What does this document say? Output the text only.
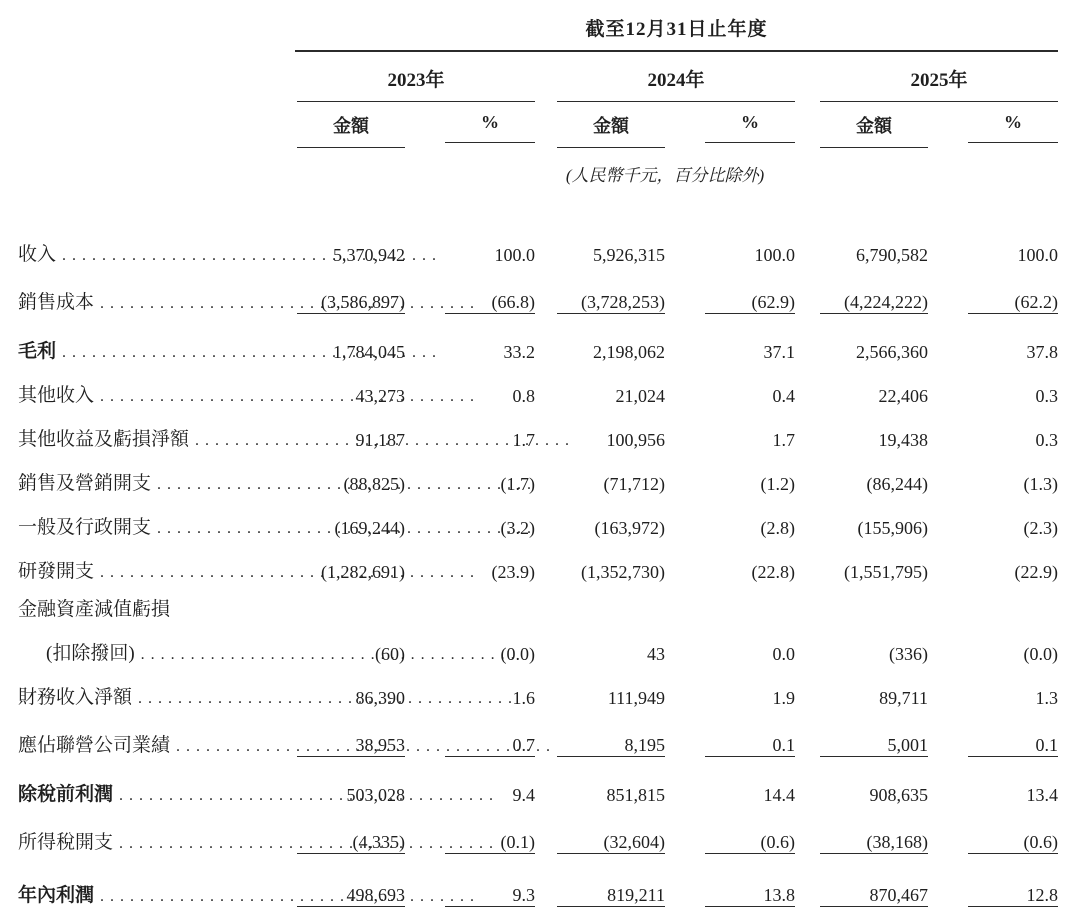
截至12月31日止年度
2023年	2024年	2025年
金額	%	金額	%	金額	%
(人民幣千元，百分比除外)
收入 . . .	5,370,942	100.0	5,926,315	100.0	6,790,582	100.0
銷售成本 . . .	(3,586,897)	(66.8)	(3,728,253)	(62.9)	(4,224,222)	(62.2)
毛利 . . .	1,784,045	33.2	2,198,062	37.1	2,566,360	37.8
其他收入 . . .	43,273	0.8	21,024	0.4	22,406	0.3
其他收益及虧損淨額 . . .	91,187	1.7	100,956	1.7	19,438	0.3
銷售及營銷開支 . . .	(88,825)	(1.7)	(71,712)	(1.2)	(86,244)	(1.3)
一般及行政開支 . . .	(169,244)	(3.2)	(163,972)	(2.8)	(155,906)	(2.3)
研發開支 . . .	(1,282,691)	(23.9)	(1,352,730)	(22.8)	(1,551,795)	(22.9)
金融資產減值虧損
(扣除撥回) . . .	(60)	(0.0)	43	0.0	(336)	(0.0)
財務收入淨額 . . .	86,390	1.6	111,949	1.9	89,711	1.3
應佔聯營公司業績 . . .	38,953	0.7	8,195	0.1	5,001	0.1
除稅前利潤 . . .	503,028	9.4	851,815	14.4	908,635	13.4
所得稅開支 . . .	(4,335)	(0.1)	(32,604)	(0.6)	(38,168)	(0.6)
年內利潤 . . .	498,693	9.3	819,211	13.8	870,467	12.8
